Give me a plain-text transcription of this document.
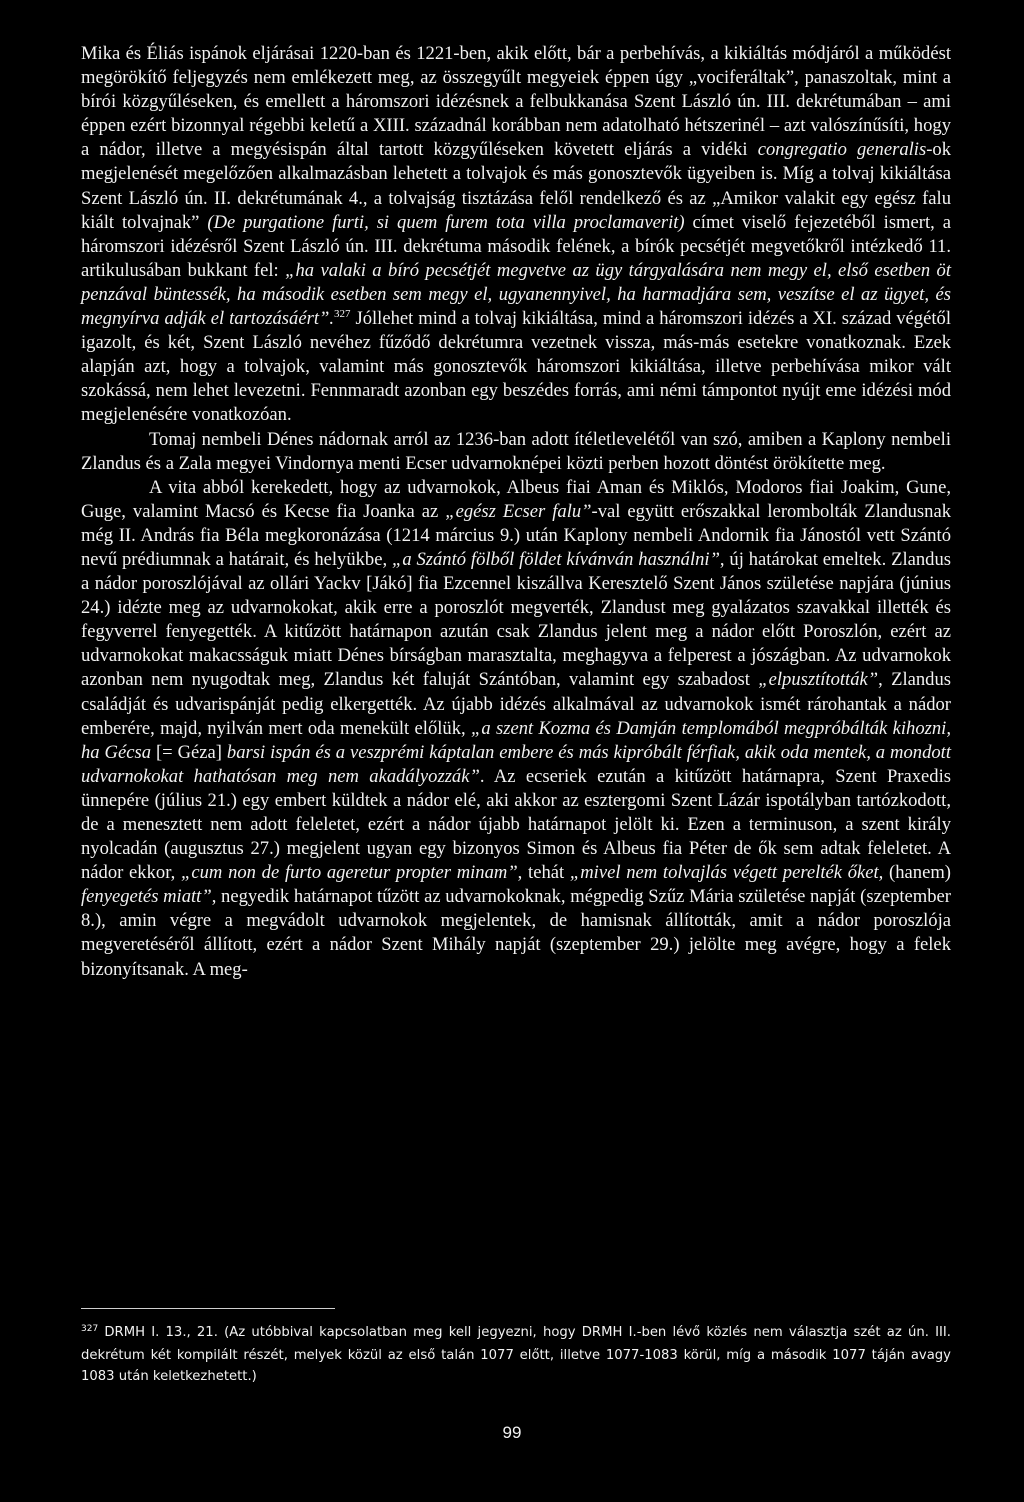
Mika és Éliás ispánok eljárásai 1220-ban és 1221-ben, akik előtt, bár a perbehívás, a kikiáltás módjáról a működést megörökítő feljegyzés nem emlékezett meg, az összegyűlt megyeiek éppen úgy „vociferáltak”, panaszoltak, mint a bírói közgyűléseken, és emellett a háromszori idézésnek a felbukkanása Szent László ún. III. dekrétumában – ami éppen ezért bizonnyal régebbi keletű a XIII. századnál korábban nem adatolható hétszerinél – azt valószínűsíti, hogy a nádor, illetve a megyésispán által tartott közgyűléseken követett eljárás a vidéki congregatio generalis-ok megjelenését megelőzően alkalmazásban lehetett a tolvajok és más gonosztevők ügyeiben is. Míg a tolvaj kikiáltása Szent László ún. II. dekrétumának 4., a tolvajság tisztázása felől rendelkező és az „Amikor valakit egy egész falu kiált tolvajnak” (De purgatione furti, si quem furem tota villa proclamaverit) címet viselő fejezetéből ismert, a háromszori idézésről Szent László ún. III. dekrétuma második felének, a bírók pecsétjét megvetőkről intézkedő 11. artikulusában bukkant fel: „ha valaki a bíró pecsétjét megvetve az ügy tárgyalására nem megy el, első esetben öt penzával büntessék, ha második esetben sem megy el, ugyanennyivel, ha harmadjára sem, veszítse el az ügyet, és megnyírva adják el tartozásáért”.$^{327}$ Jóllehet mind a tolvaj kikiáltása, mind a háromszori idézés a XI. század végétől igazolt, és két, Szent László nevéhez fűződő dekrétumra vezetnek vissza, más-más esetekre vonatkoznak. Ezek alapján azt, hogy a tolvajok, valamint más gonosztevők háromszori kikiáltása, illetve perbehívása mikor vált szokássá, nem lehet levezetni. Fennmaradt azonban egy beszédes forrás, ami némi támpontot nyújt eme idézési mód megjelenésére vonatkozóan.

Tomaj nembeli Dénes nádornak arról az 1236-ban adott ítéletlevelétől van szó, amiben a Kaplony nembeli Zlandus és a Zala megyei Vindornya menti Ecser udvarnoknépei közti perben hozott döntést örökítette meg.

A vita abból kerekedett, hogy az udvarnokok, Albeus fiai Aman és Miklós, Modoros fiai Joakim, Gune, Guge, valamint Macsó és Kecse fia Joanka az „egész Ecser falu”-val együtt erőszakkal lerombolták Zlandusnak még II. András fia Béla megkoronázása (1214 március 9.) után Kaplony nembeli Andornik fia Jánostól vett Szántó nevű prédiumnak a határait, és helyükbe, „a Szántó fölből földet kívánván használni”, új határokat emeltek. Zlandus a nádor poroszlójával az ollári Yackv [Jákó] fia Ezcennel kiszállva Keresztelő Szent János születése napjára (június 24.) idézte meg az udvarnokokat, akik erre a poroszlót megverték, Zlandust meg gyalázatos szavakkal illették és fegyverrel fenyegették. A kitűzött határnapon azután csak Zlandus jelent meg a nádor előtt Poroszlón, ezért az udvarnokokat makacsságuk miatt Dénes bírságban marasztalta, meghagyva a felperest a jószágban. Az udvarnokok azonban nem nyugodtak meg, Zlandus két faluját Szántóban, valamint egy szabadost „elpusztították”, Zlandus családját és udvarispánját pedig elkergették. Az újabb idézés alkalmával az udvarnokok ismét rárohantak a nádor emberére, majd, nyilván mert oda menekült előlük, „a szent Kozma és Damján templomából megpróbálták kihozni, ha Gécsa [= Géza] barsi ispán és a veszprémi káptalan embere és más kipróbált férfiak, akik oda mentek, a mondott udvarnokokat hathatósan meg nem akadályozzák”. Az ecseriek ezután a kitűzött határnapra, Szent Praxedis ünnepére (július 21.) egy embert küldtek a nádor elé, aki akkor az esztergomi Szent Lázár ispotályban tartózkodott, de a menesztett nem adott feleletet, ezért a nádor újabb határnapot jelölt ki. Ezen a terminuson, a szent király nyolcadán (augusztus 27.) megjelent ugyan egy bizonyos Simon és Albeus fia Péter de ők sem adtak feleletet. A nádor ekkor, „cum non de furto ageretur propter minam”, tehát „mivel nem tolvajlás végett perelték őket, (hanem) fenyegetés miatt”, negyedik határnapot tűzött az udvarnokoknak, mégpedig Szűz Mária születése napját (szeptember 8.), amin végre a megvádolt udvarnokok megjelentek, de hamisnak állították, amit a nádor poroszlója megveretéséről állított, ezért a nádor Szent Mihály napját (szeptember 29.) jelölte meg avégre, hogy a felek bizonyítsanak. A meg-

$^{327}$ DRMH I. 13., 21. (Az utóbbival kapcsolatban meg kell jegyezni, hogy DRMH I.-ben lévő közlés nem választja szét az ún. III. dekrétum két kompilált részét, melyek közül az első talán 1077 előtt, illetve 1077-1083 körül, míg a második 1077 táján avagy 1083 után keletkezhetett.)
99
